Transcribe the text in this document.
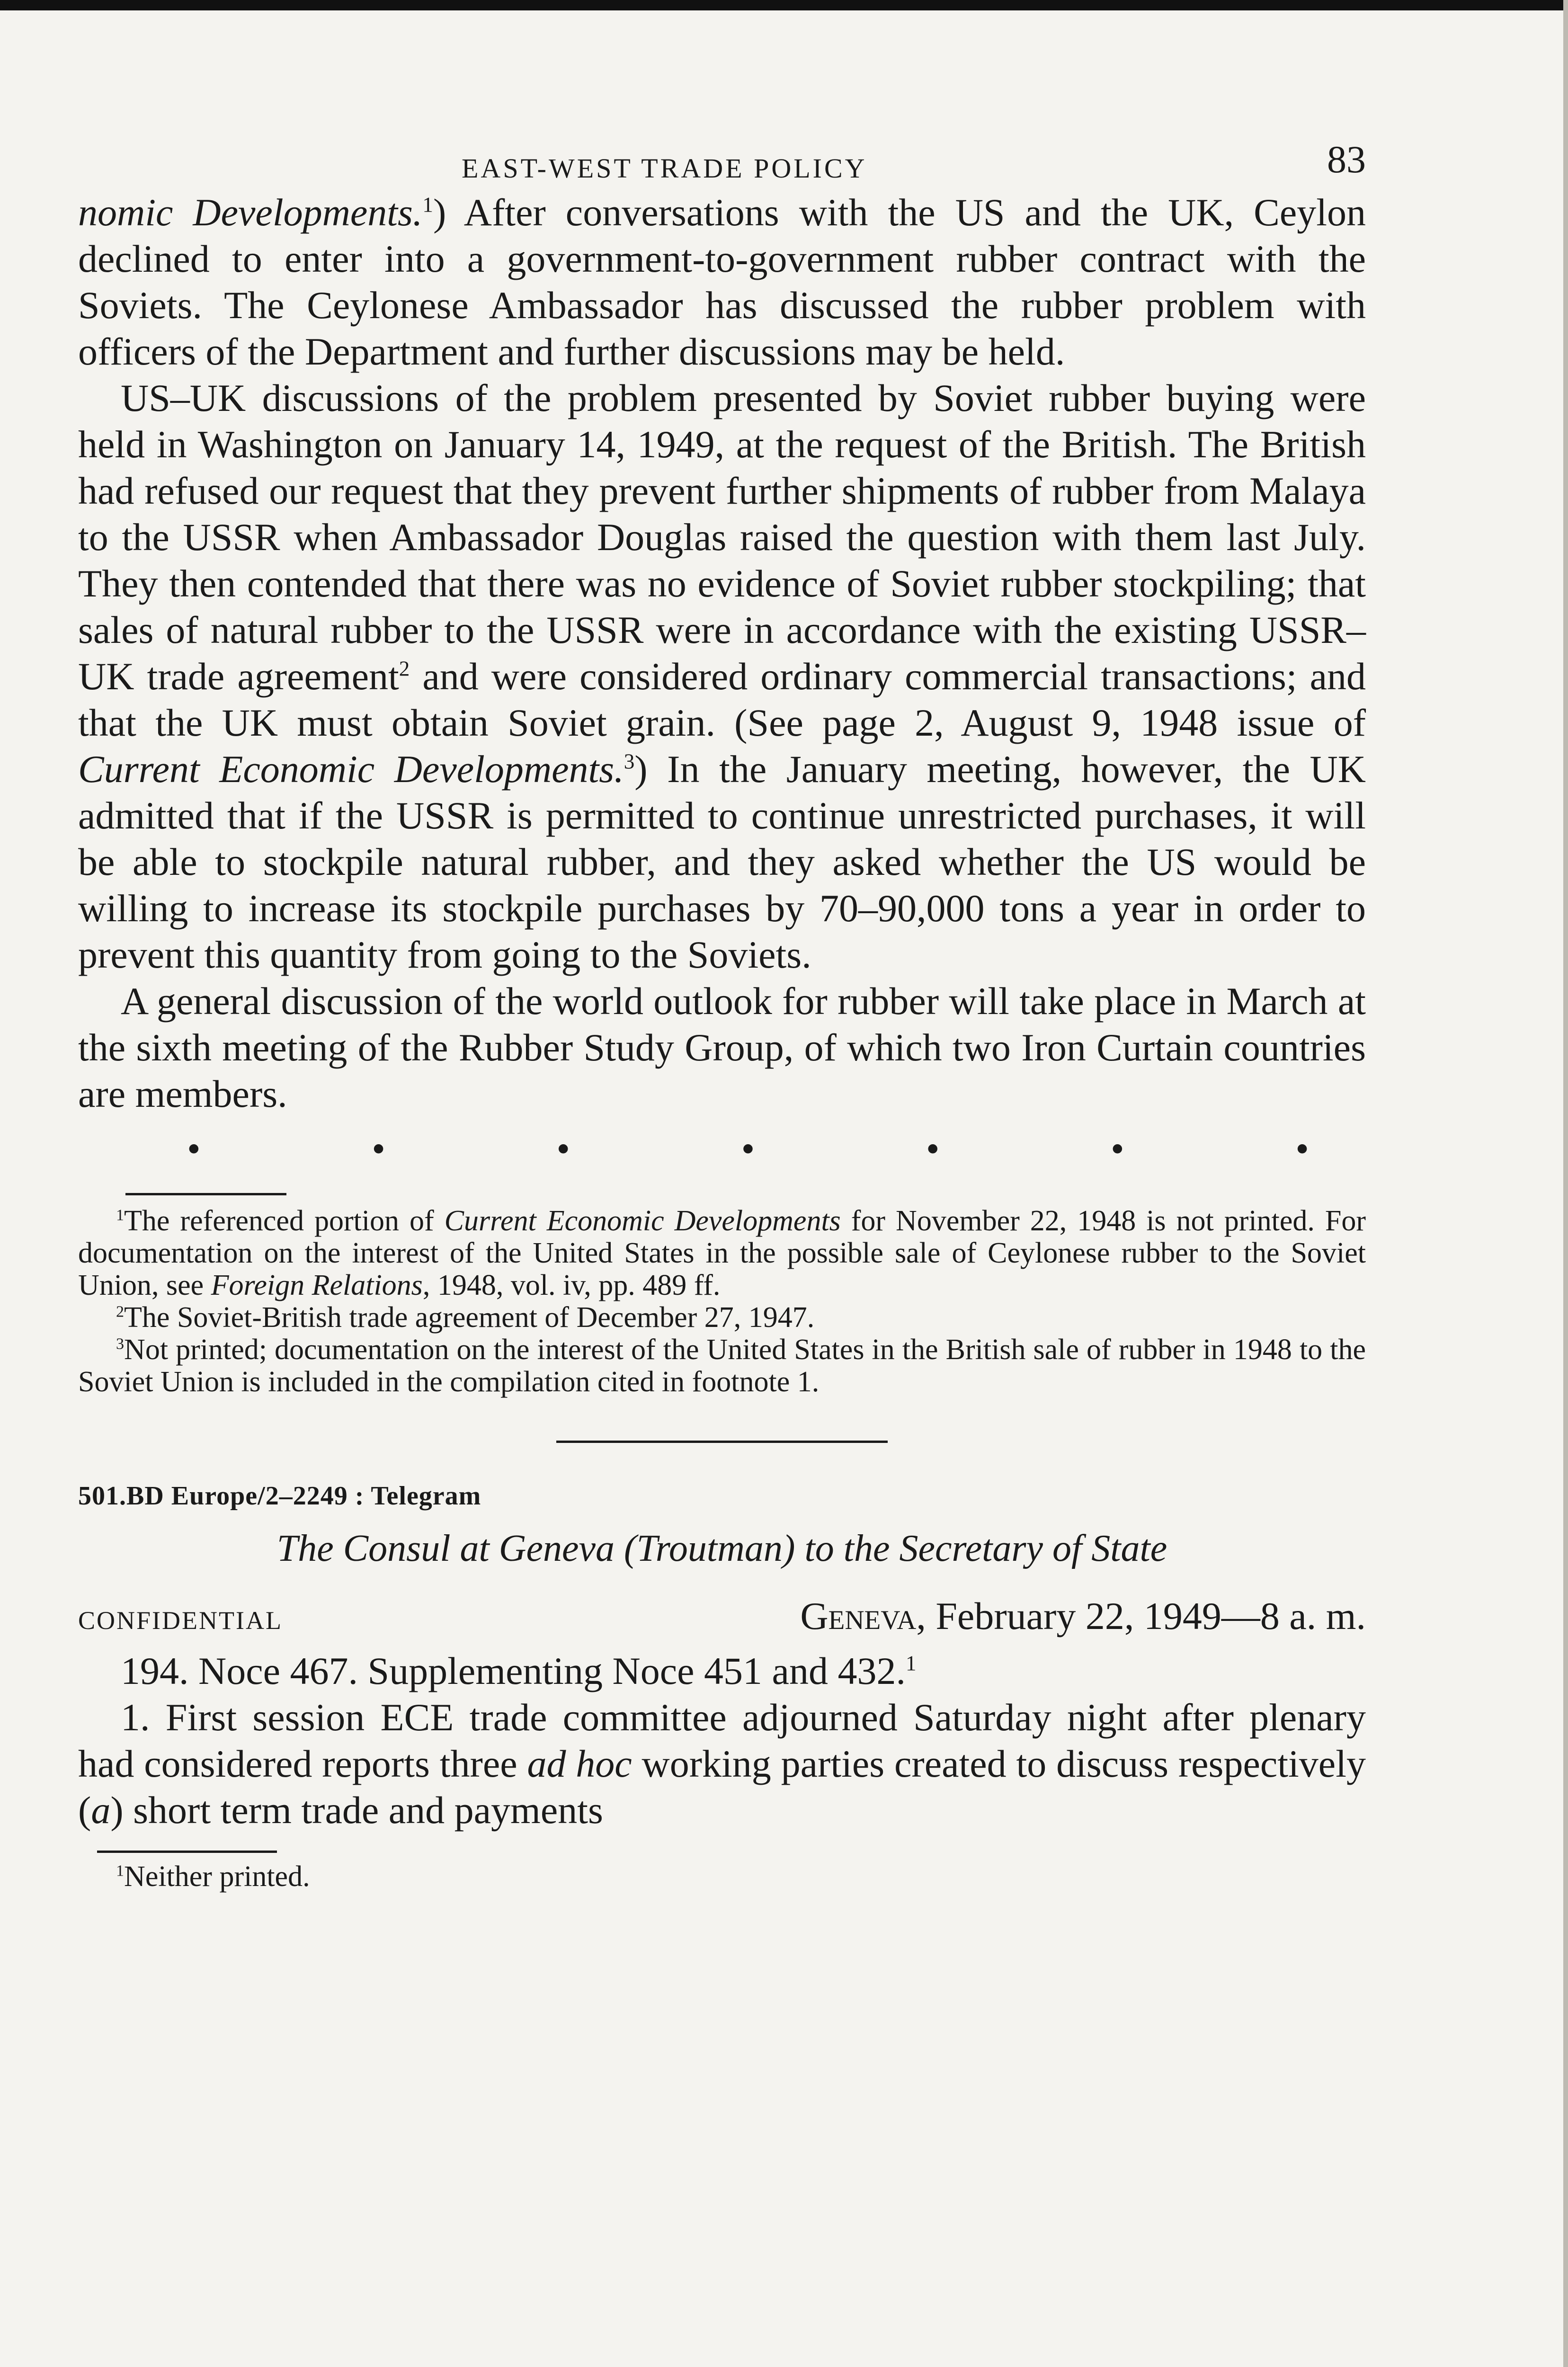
EAST-WEST TRADE POLICY	83

nomic Developments.$^1$) After conversations with the US and the UK, Ceylon declined to enter into a government-to-government rubber contract with the Soviets. The Ceylonese Ambassador has discussed the rubber problem with officers of the Department and further discussions may be held.

US–UK discussions of the problem presented by Soviet rubber buying were held in Washington on January 14, 1949, at the request of the British. The British had refused our request that they prevent further shipments of rubber from Malaya to the USSR when Ambassador Douglas raised the question with them last July. They then contended that there was no evidence of Soviet rubber stockpiling; that sales of natural rubber to the USSR were in accordance with the existing USSR–UK trade agreement$^2$ and were considered ordinary commercial transactions; and that the UK must obtain Soviet grain. (See page 2, August 9, 1948 issue of Current Economic Developments.$^3$) In the January meeting, however, the UK admitted that if the USSR is permitted to continue unrestricted purchases, it will be able to stockpile natural rubber, and they asked whether the US would be willing to increase its stockpile purchases by 70–90,000 tons a year in order to prevent this quantity from going to the Soviets.

A general discussion of the world outlook for rubber will take place in March at the sixth meeting of the Rubber Study Group, of which two Iron Curtain countries are members.

•	•	•	•	•	•	•

$^1$The referenced portion of Current Economic Developments for November 22, 1948 is not printed. For documentation on the interest of the United States in the possible sale of Ceylonese rubber to the Soviet Union, see Foreign Relations, 1948, vol. iv, pp. 489 ff.

$^2$The Soviet-British trade agreement of December 27, 1947.

$^3$Not printed; documentation on the interest of the United States in the British sale of rubber in 1948 to the Soviet Union is included in the compilation cited in footnote 1.

501.BD Europe/2–2249 : Telegram
The Consul at Geneva (Troutman) to the Secretary of State
CONFIDENTIAL	Geneva, February 22, 1949—8 a. m.

194. Noce 467. Supplementing Noce 451 and 432.$^1$

1. First session ECE trade committee adjourned Saturday night after plenary had considered reports three ad hoc working parties created to discuss respectively (a) short term trade and payments

$^1$Neither printed.
